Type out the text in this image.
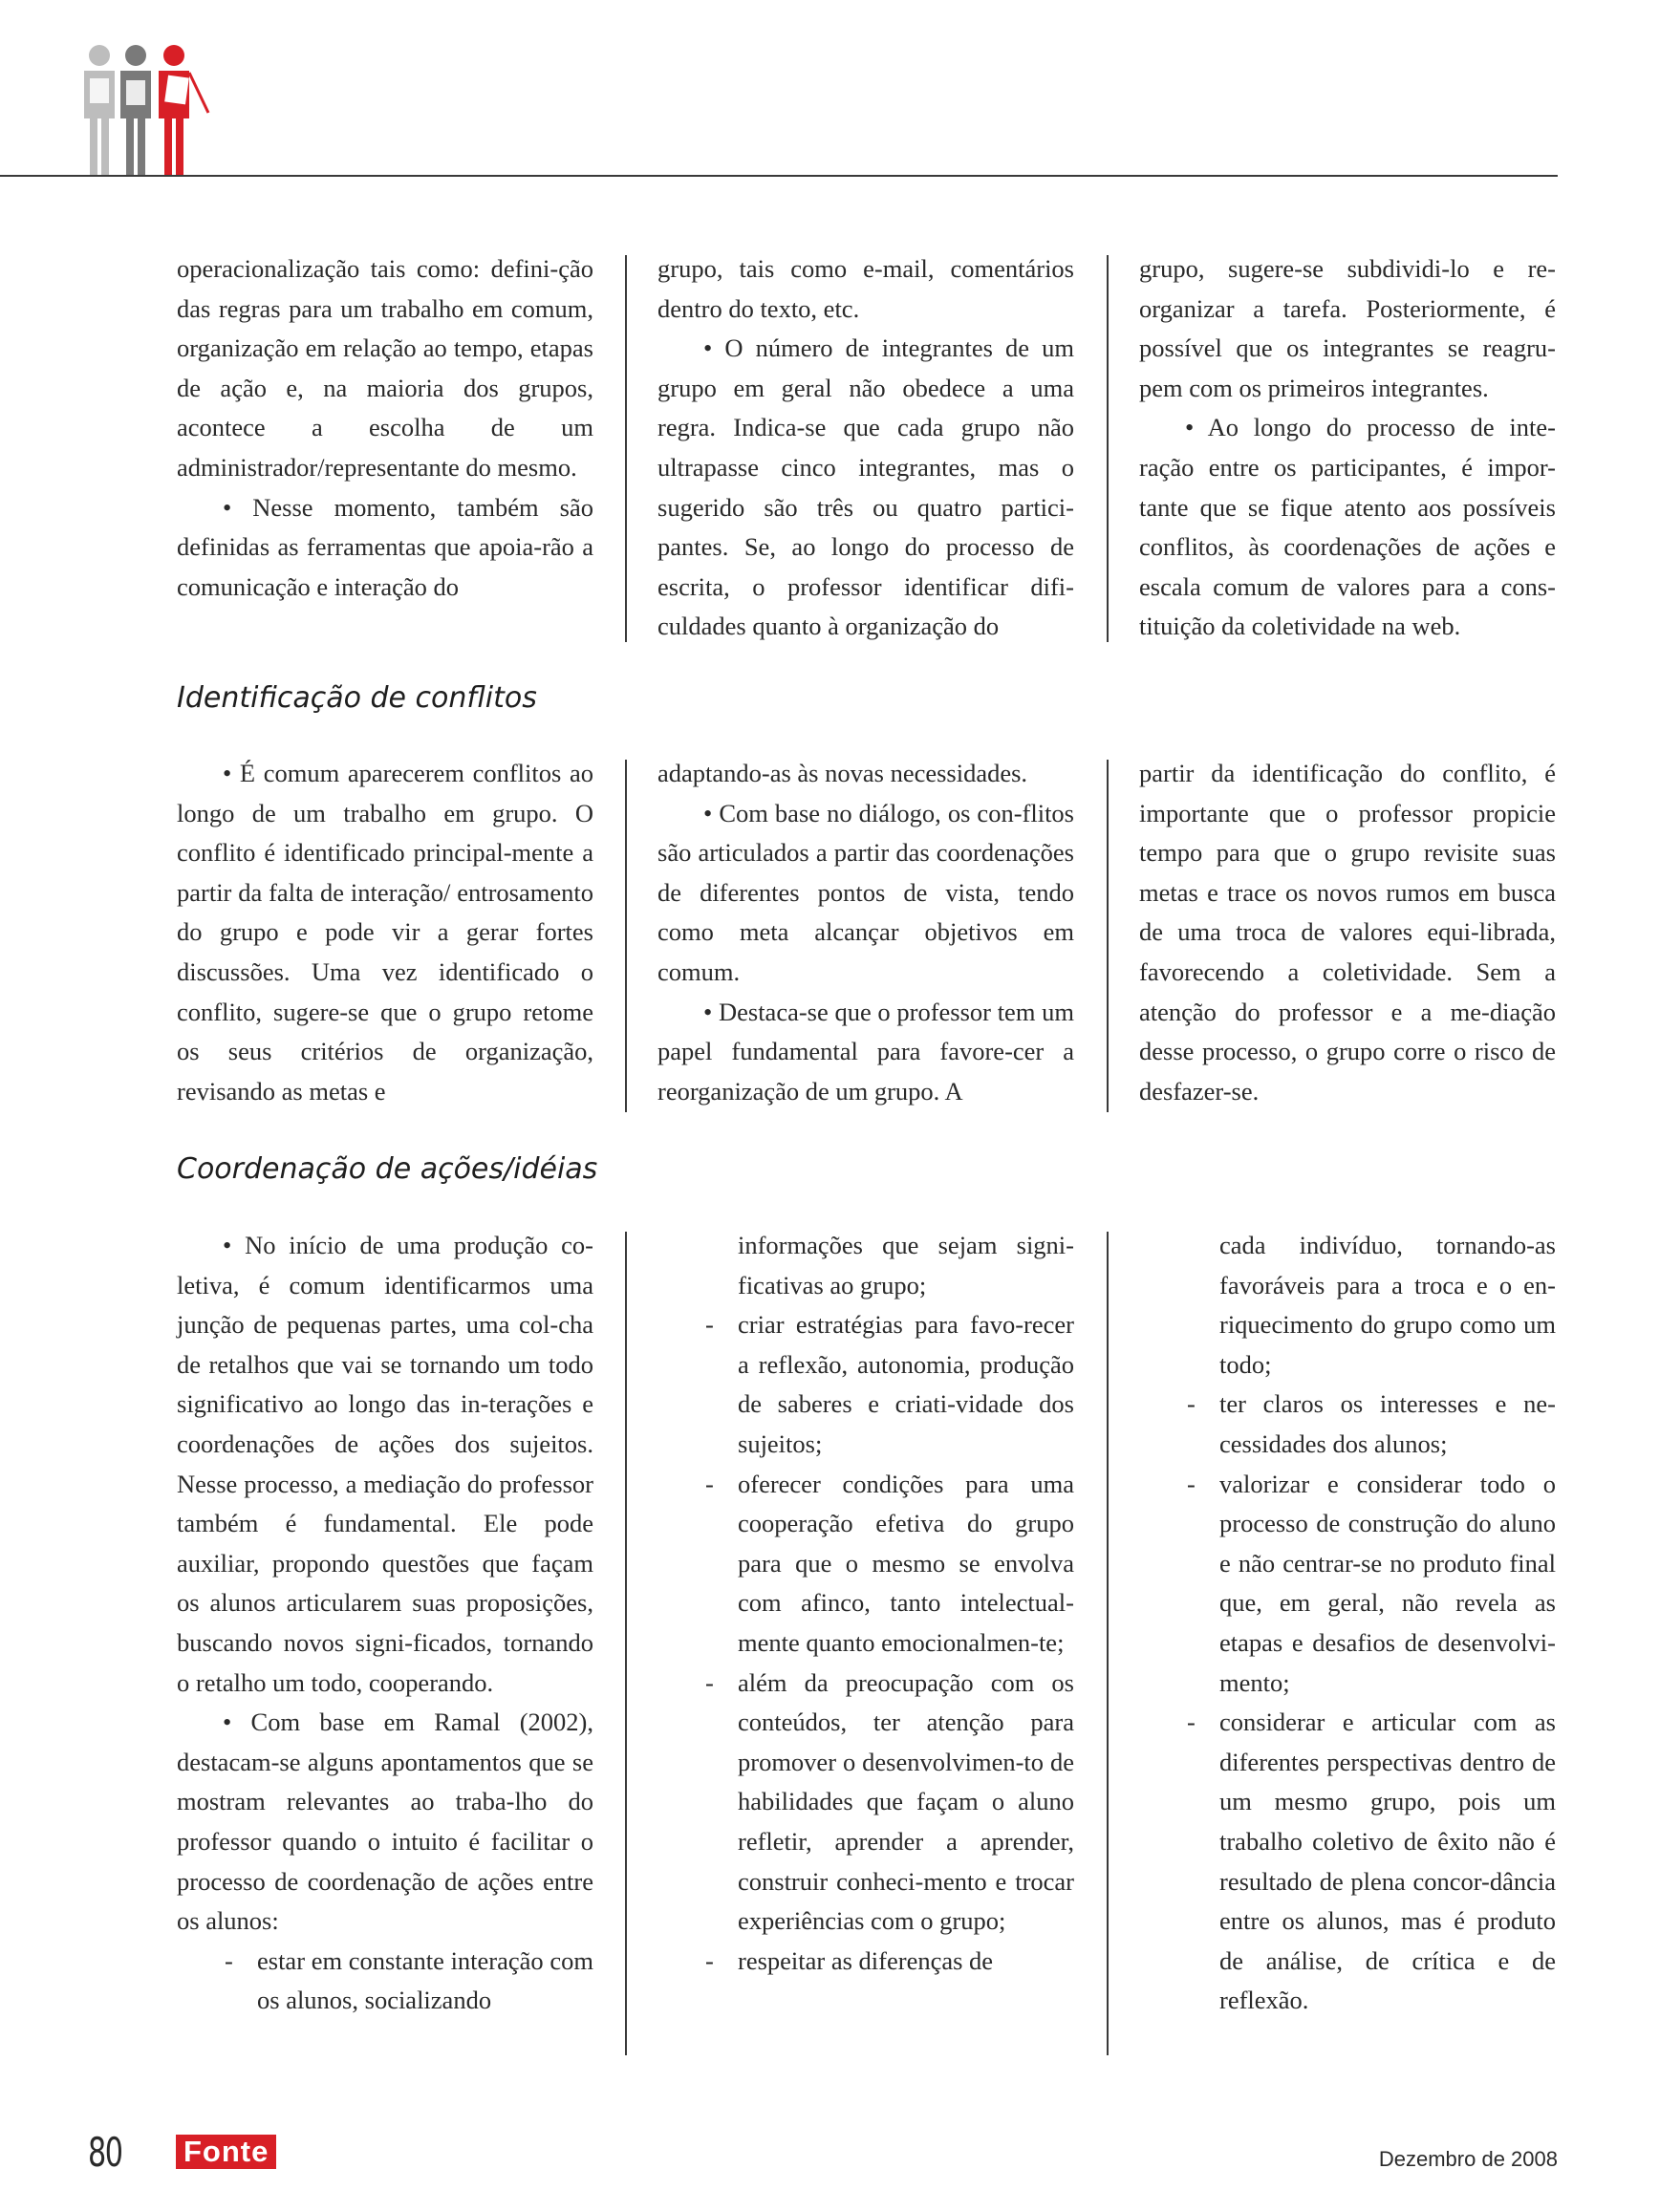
operacionalização tais como: defini-ção das regras para um trabalho em comum, organização em relação ao tempo, etapas de ação e, na maioria dos grupos, acontece a escolha de um administrador/representante do mesmo.

• Nesse momento, também são definidas as ferramentas que apoia-rão a comunicação e interação do

grupo, tais como e-mail, comentários dentro do texto, etc.

• O número de integrantes de um grupo em geral não obedece a uma regra. Indica-se que cada grupo não ultrapasse cinco integrantes, mas o sugerido são três ou quatro partici-pantes. Se, ao longo do processo de escrita, o professor identificar difi-culdades quanto à organização do

grupo, sugere-se subdividi-lo e re-organizar a tarefa. Posteriormente, é possível que os integrantes se reagru-pem com os primeiros integrantes.

• Ao longo do processo de inte-ração entre os participantes, é impor-tante que se fique atento aos possíveis conflitos, às coordenações de ações e escala comum de valores para a cons-tituição da coletividade na web.

Identificação de conflitos

• É comum aparecerem conflitos ao longo de um trabalho em grupo. O conflito é identificado principal-mente a partir da falta de interação/ entrosamento do grupo e pode vir a gerar fortes discussões. Uma vez identificado o conflito, sugere-se que o grupo retome os seus critérios de organização, revisando as metas e

adaptando-as às novas necessidades.

• Com base no diálogo, os con-flitos são articulados a partir das coordenações de diferentes pontos de vista, tendo como meta alcançar objetivos em comum.

• Destaca-se que o professor tem um papel fundamental para favore-cer a reorganização de um grupo. A

partir da identificação do conflito, é importante que o professor propicie tempo para que o grupo revisite suas metas e trace os novos rumos em busca de uma troca de valores equi-librada, favorecendo a coletividade. Sem a atenção do professor e a me-diação desse processo, o grupo corre o risco de desfazer-se.

Coordenação de ações/idéias

• No início de uma produção co-letiva, é comum identificarmos uma junção de pequenas partes, uma col-cha de retalhos que vai se tornando um todo significativo ao longo das in-terações e coordenações de ações dos sujeitos. Nesse processo, a mediação do professor também é fundamental. Ele pode auxiliar, propondo questões que façam os alunos articularem suas proposições, buscando novos signi-ficados, tornando o retalho um todo, cooperando.

• Com base em Ramal (2002), destacam-se alguns apontamentos que se mostram relevantes ao traba-lho do professor quando o intuito é facilitar o processo de coordenação de ações entre os alunos:

- estar em constante interação com os alunos, socializando

informações que sejam signi-ficativas ao grupo;

- criar estratégias para favo-recer a reflexão, autonomia, produção de saberes e criati-vidade dos sujeitos;
- oferecer condições para uma cooperação efetiva do grupo para que o mesmo se envolva com afinco, tanto intelectual-mente quanto emocionalmen-te;
- além da preocupação com os conteúdos, ter atenção para promover o desenvolvimen-to de habilidades que façam o aluno refletir, aprender a aprender, construir conheci-mento e trocar experiências com o grupo;
- respeitar as diferenças de

cada indivíduo, tornando-as favoráveis para a troca e o en-riquecimento do grupo como um todo;

- ter claros os interesses e ne-cessidades dos alunos;
- valorizar e considerar todo o processo de construção do aluno e não centrar-se no produto final que, em geral, não revela as etapas e desafios de desenvolvi-mento;
- considerar e articular com as diferentes perspectivas dentro de um mesmo grupo, pois um trabalho coletivo de êxito não é resultado de plena concor-dância entre os alunos, mas é produto de análise, de crítica e de reflexão.
80 Fonte	Dezembro de 2008
